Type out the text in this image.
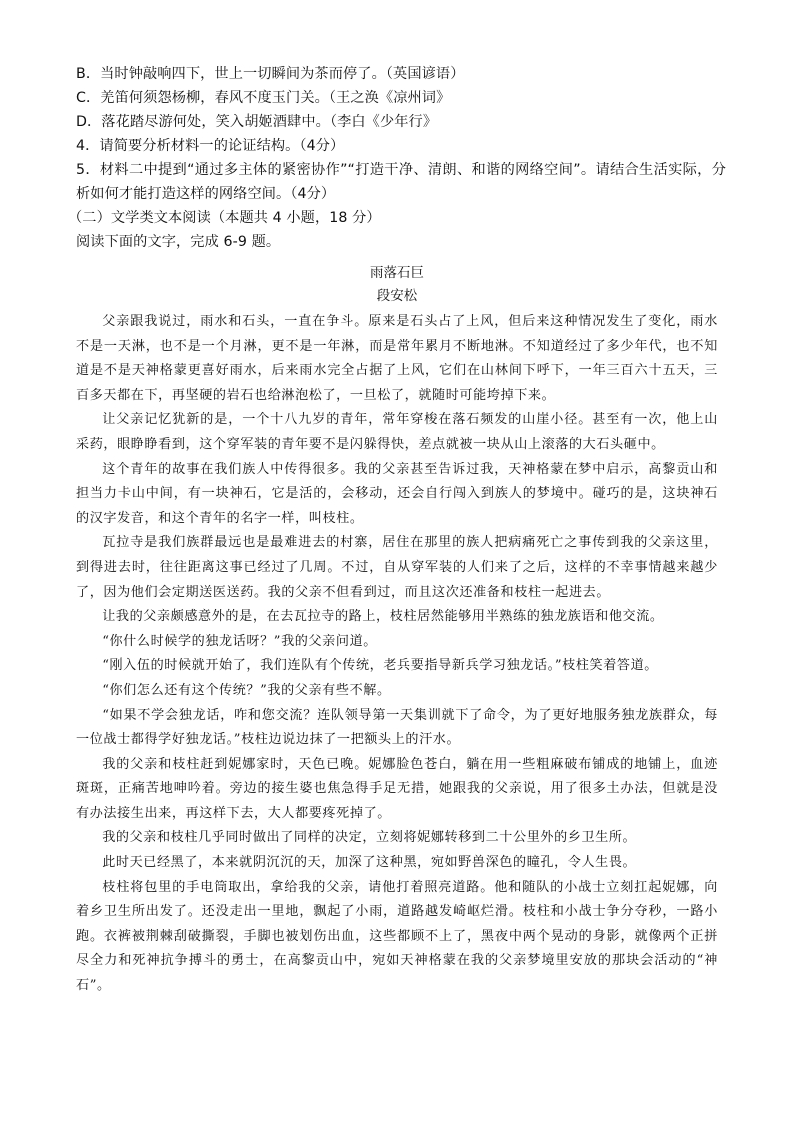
B．当时钟敲响四下，世上一切瞬间为茶而停了。（英国谚语）
C．羌笛何须怨杨柳，春风不度玉门关。（王之涣《凉州词》
D．落花踏尽游何处，笑入胡姬酒肆中。（李白《少年行》
4．请简要分析材料一的论证结构。（4分）
5．材料二中提到“通过多主体的紧密协作”“打造干净、清朗、和谐的网络空间”。请结合生活实际，分析如何才能打造这样的网络空间。（4分）
（二）文学类文本阅读（本题共 4 小题，18 分）
阅读下面的文字，完成 6-9 题。
雨落石巨
段安松

父亲跟我说过，雨水和石头，一直在争斗。原来是石头占了上风，但后来这种情况发生了变化，雨水不是一天淋，也不是一个月淋，更不是一年淋，而是常年累月不断地淋。不知道经过了多少年代，也不知道是不是天神格蒙更喜好雨水，后来雨水完全占据了上风，它们在山林间下呼下，一年三百六十五天，三百多天都在下，再坚硬的岩石也给淋泡松了，一旦松了，就随时可能垮掉下来。

让父亲记忆犹新的是，一个十八九岁的青年，常年穿梭在落石频发的山崖小径。甚至有一次，他上山采药，眼睁睁看到，这个穿军装的青年要不是闪躲得快，差点就被一块从山上滚落的大石头砸中。

这个青年的故事在我们族人中传得很多。我的父亲甚至告诉过我，天神格蒙在梦中启示，高黎贡山和担当力卡山中间，有一块神石，它是活的，会移动，还会自行闯入到族人的梦境中。碰巧的是，这块神石的汉字发音，和这个青年的名字一样，叫枝柱。

瓦拉寺是我们族群最远也是最难进去的村寨，居住在那里的族人把病痛死亡之事传到我的父亲这里，到得进去时，往往距离这事已经过了几周。不过，自从穿军装的人们来了之后，这样的不幸事情越来越少了，因为他们会定期送医送药。我的父亲不但看到过，而且这次还准备和枝柱一起进去。

让我的父亲颇感意外的是，在去瓦拉寺的路上，枝柱居然能够用半熟练的独龙族语和他交流。

“你什么时候学的独龙话呀？”我的父亲问道。

“刚入伍的时候就开始了，我们连队有个传统，老兵要指导新兵学习独龙话。”枝柱笑着答道。

“你们怎么还有这个传统？”我的父亲有些不解。

“如果不学会独龙话，咋和您交流？连队领导第一天集训就下了命令，为了更好地服务独龙族群众，每一位战士都得学好独龙话。”枝柱边说边抹了一把额头上的汗水。

我的父亲和枝柱赶到妮娜家时，天色已晚。妮娜脸色苍白，躺在用一些粗麻破布铺成的地铺上，血迹斑斑，正痛苦地呻吟着。旁边的接生婆也焦急得手足无措，她跟我的父亲说，用了很多土办法，但就是没有办法接生出来，再这样下去，大人都要疼死掉了。

我的父亲和枝柱几乎同时做出了同样的决定，立刻将妮娜转移到二十公里外的乡卫生所。

此时天已经黑了，本来就阴沉沉的天，加深了这种黑，宛如野兽深色的瞳孔，令人生畏。

枝柱将包里的手电筒取出，拿给我的父亲，请他打着照亮道路。他和随队的小战士立刻扛起妮娜，向着乡卫生所出发了。还没走出一里地，飘起了小雨，道路越发崎岖烂滑。枝柱和小战士争分夺秒，一路小跑。衣裤被荆棘刮破撕裂，手脚也被划伤出血，这些都顾不上了，黑夜中两个晃动的身影，就像两个正拼尽全力和死神抗争搏斗的勇士，在高黎贡山中，宛如天神格蒙在我的父亲梦境里安放的那块会活动的“神石”。
